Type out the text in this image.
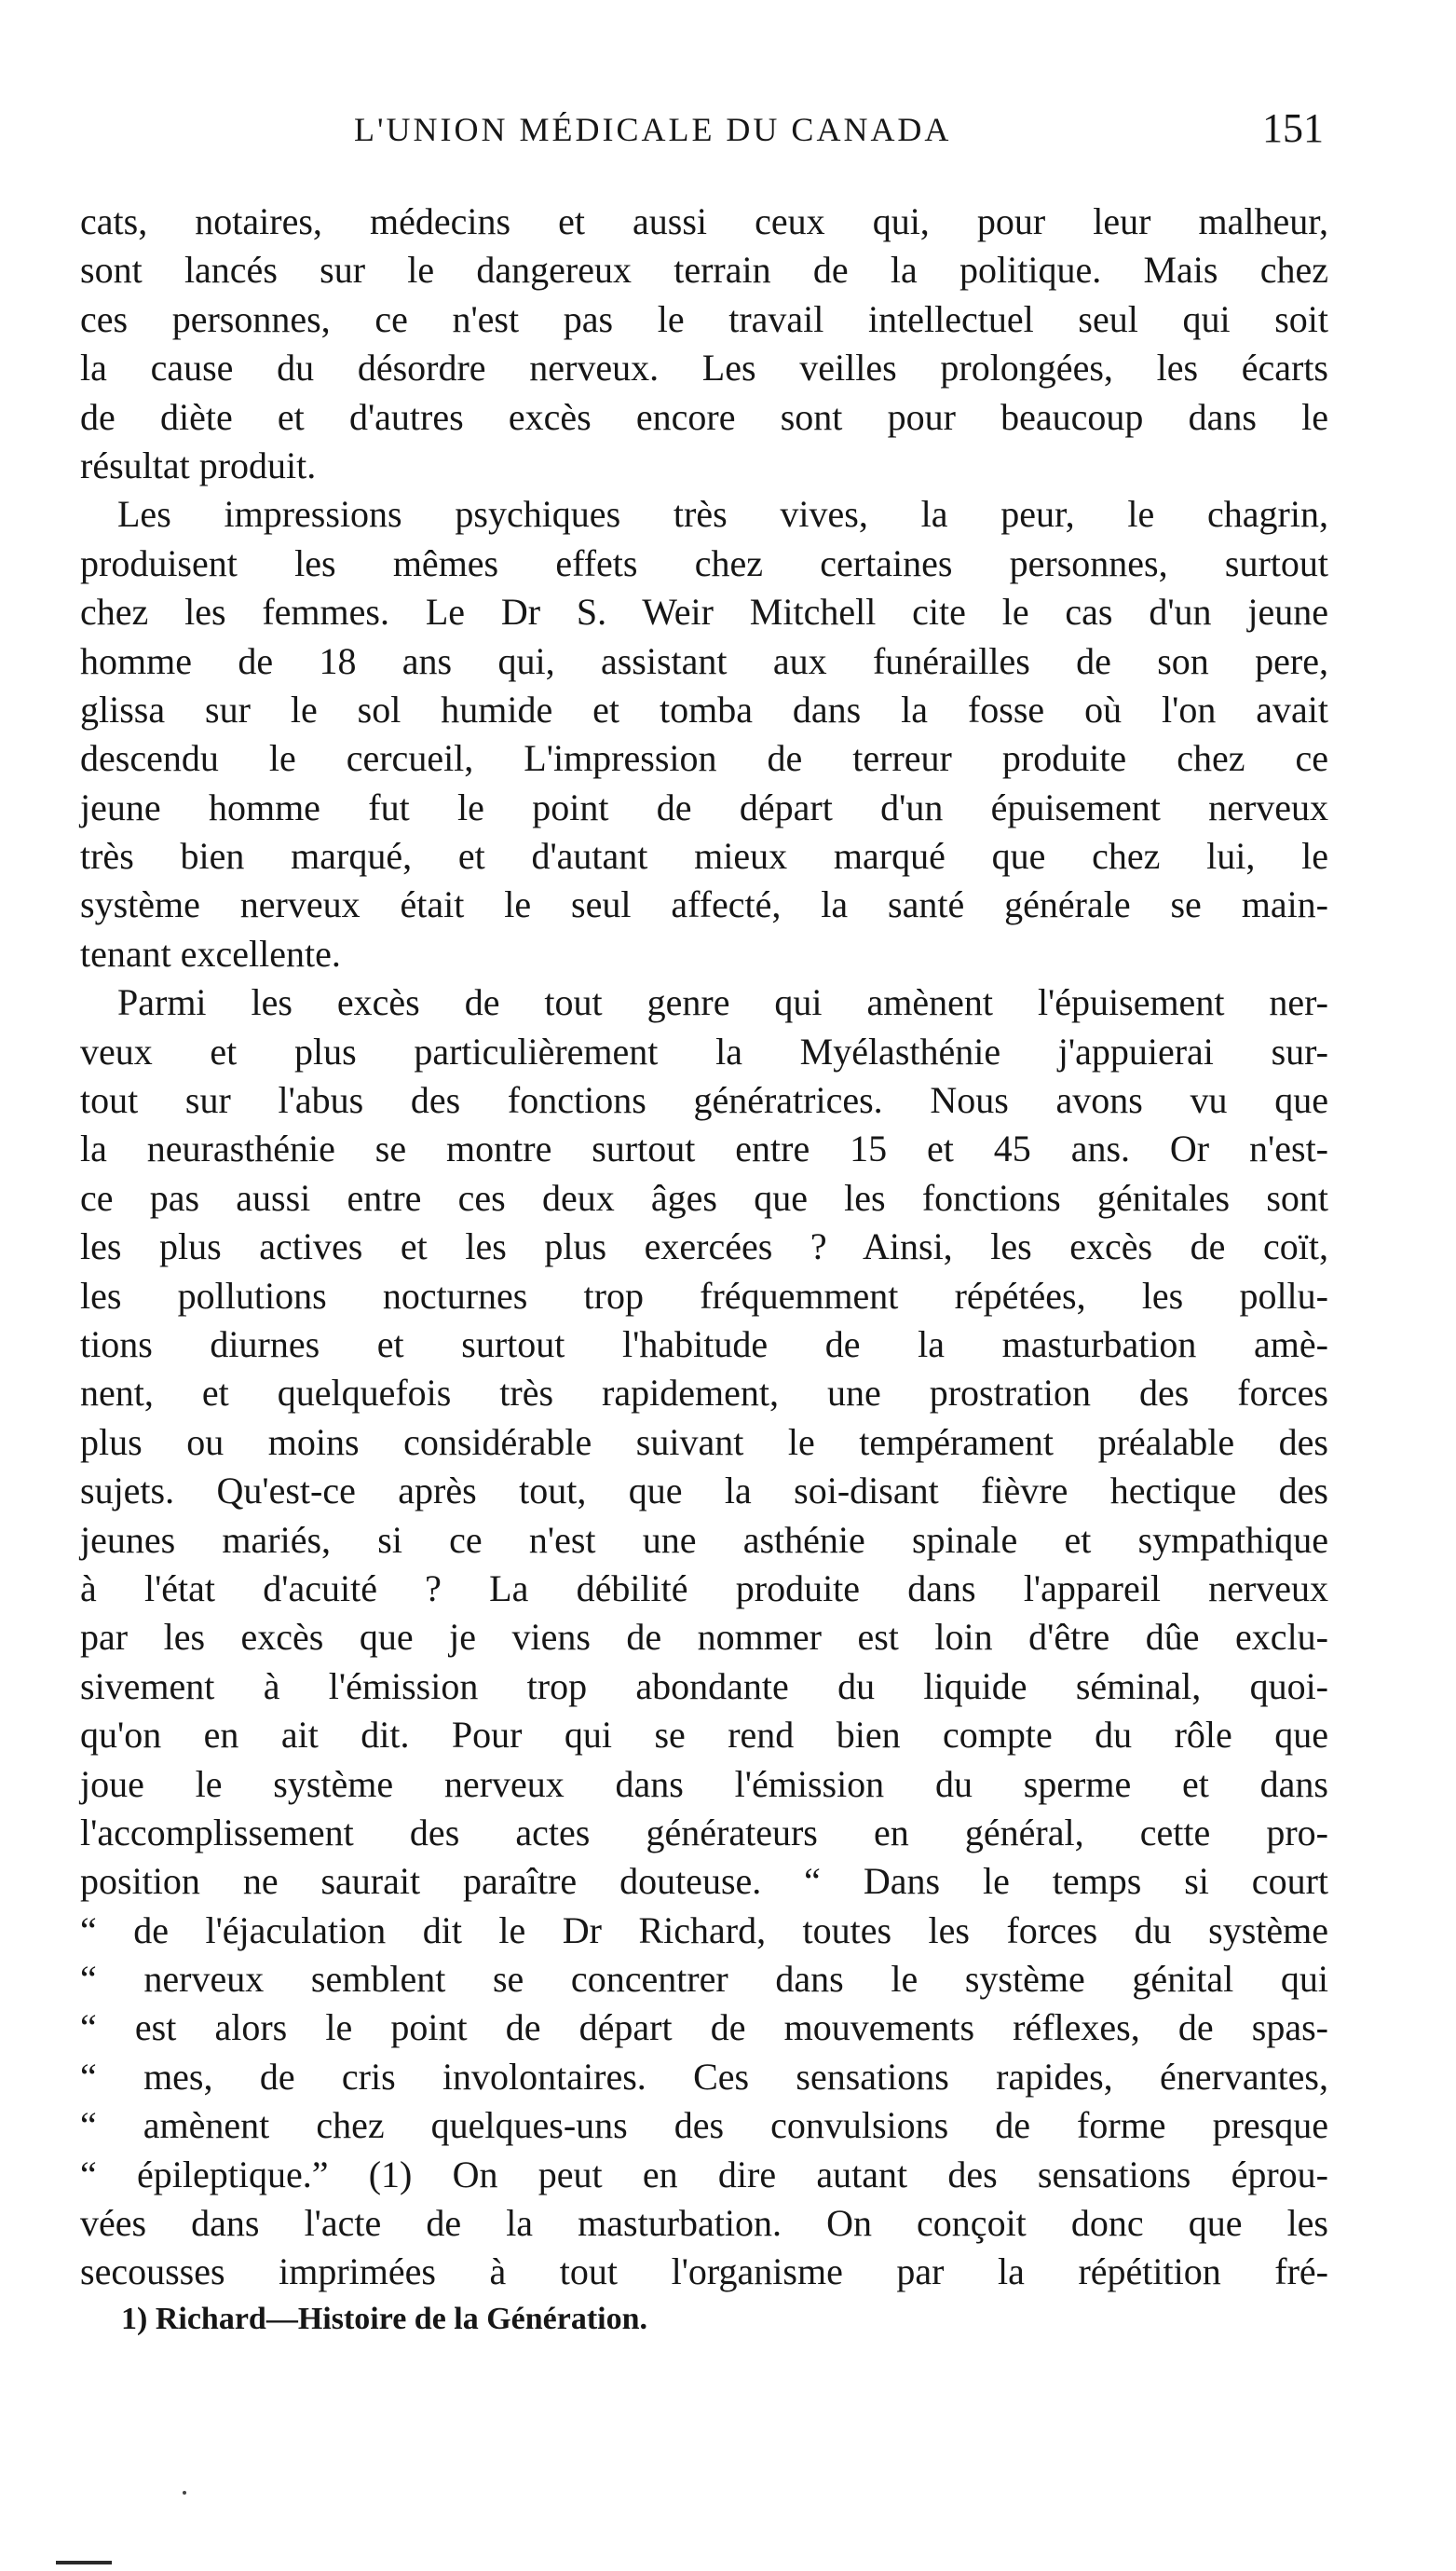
L'UNION MÉDICALE DU CANADA	151
cats, notaires, médecins et aussi ceux qui, pour leur malheur,
sont lancés sur le dangereux terrain de la politique. Mais chez
ces personnes, ce n'est pas le travail intellectuel seul qui soit
la cause du désordre nerveux. Les veilles prolongées, les écarts
de diète et d'autres excès encore sont pour beaucoup dans le
résultat produit.
Les impressions psychiques très vives, la peur, le chagrin,
produisent les mêmes effets chez certaines personnes, surtout
chez les femmes. Le Dr S. Weir Mitchell cite le cas d'un jeune
homme de 18 ans qui, assistant aux funérailles de son pere,
glissa sur le sol humide et tomba dans la fosse où l'on avait
descendu le cercueil, L'impression de terreur produite chez ce
jeune homme fut le point de départ d'un épuisement nerveux
très bien marqué, et d'autant mieux marqué que chez lui, le
système nerveux était le seul affecté, la santé générale se main-
tenant excellente.
Parmi les excès de tout genre qui amènent l'épuisement ner-
veux et plus particulièrement la Myélasthénie j'appuierai sur-
tout sur l'abus des fonctions génératrices. Nous avons vu que
la neurasthénie se montre surtout entre 15 et 45 ans. Or n'est-
ce pas aussi entre ces deux âges que les fonctions génitales sont
les plus actives et les plus exercées ? Ainsi, les excès de coït,
les pollutions nocturnes trop fréquemment répétées, les pollu-
tions diurnes et surtout l'habitude de la masturbation amè-
nent, et quelquefois très rapidement, une prostration des forces
plus ou moins considérable suivant le tempérament préalable des
sujets. Qu'est-ce après tout, que la soi-disant fièvre hectique des
jeunes mariés, si ce n'est une asthénie spinale et sympathique
à l'état d'acuité ? La débilité produite dans l'appareil nerveux
par les excès que je viens de nommer est loin d'être dûe exclu-
sivement à l'émission trop abondante du liquide séminal, quoi-
qu'on en ait dit. Pour qui se rend bien compte du rôle que
joue le système nerveux dans l'émission du sperme et dans
l'accomplissement des actes générateurs en général, cette pro-
position ne saurait paraître douteuse. “ Dans le temps si court
“ de l'éjaculation dit le Dr Richard, toutes les forces du système
“ nerveux semblent se concentrer dans le système génital qui
“ est alors le point de départ de mouvements réflexes, de spas-
“ mes, de cris involontaires. Ces sensations rapides, énervantes,
“ amènent chez quelques-uns des convulsions de forme presque
“ épileptique.” (1) On peut en dire autant des sensations éprou-
vées dans l'acte de la masturbation. On conçoit donc que les
secousses imprimées à tout l'organisme par la répétition fré-
1) Richard—Histoire de la Génération.
